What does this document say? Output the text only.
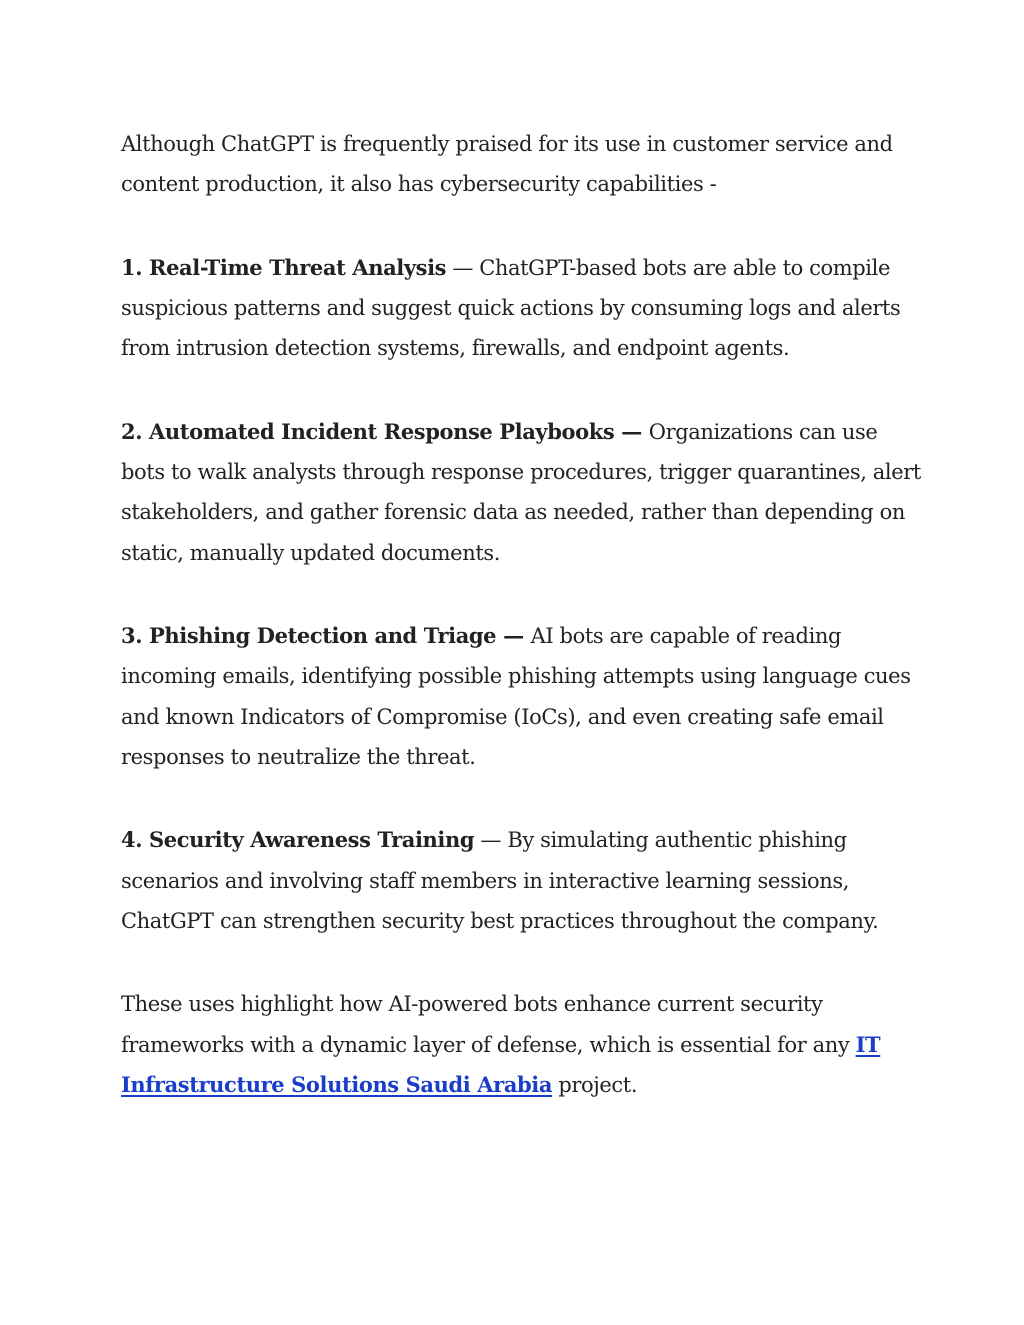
Although ChatGPT is frequently praised for its use in customer service and content production, it also has cybersecurity capabilities -

1. Real-Time Threat Analysis — ChatGPT-based bots are able to compile suspicious patterns and suggest quick actions by consuming logs and alerts from intrusion detection systems, firewalls, and endpoint agents.

2. Automated Incident Response Playbooks — Organizations can use bots to walk analysts through response procedures, trigger quarantines, alert stakeholders, and gather forensic data as needed, rather than depending on static, manually updated documents.

3. Phishing Detection and Triage — AI bots are capable of reading incoming emails, identifying possible phishing attempts using language cues and known Indicators of Compromise (IoCs), and even creating safe email responses to neutralize the threat.

4. Security Awareness Training — By simulating authentic phishing scenarios and involving staff members in interactive learning sessions, ChatGPT can strengthen security best practices throughout the company.

These uses highlight how AI-powered bots enhance current security frameworks with a dynamic layer of defense, which is essential for any IT Infrastructure Solutions Saudi Arabia project.
